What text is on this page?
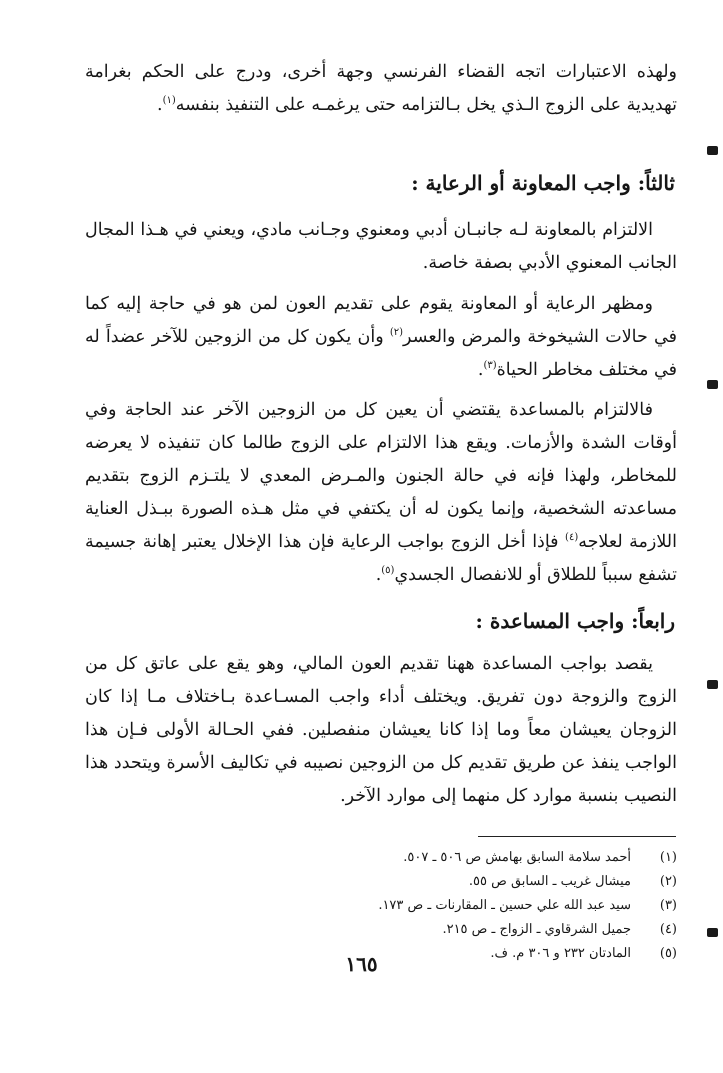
ولهذه الاعتبارات اتجه القضاء الفرنسي وجهة أخرى، ودرج على الحكم بغرامة تهديدية على الزوج الـذي يخل بـالتزامه حتى يرغمـه على التنفيذ بنفسه$^{(١)}$.

ثالثاً: واجب المعاونة أو الرعاية :

الالتزام بالمعاونة لـه جانبـان أدبي ومعنوي وجـانب مادي، ويعني في هـذا المجال الجانب المعنوي الأدبي بصفة خاصة.

ومظهر الرعاية أو المعاونة يقوم على تقديم العون لمن هو في حاجة إليه كما في حالات الشيخوخة والمرض والعسر$^{(٢)}$ وأن يكون كل من الزوجين للآخر عضداً له في مختلف مخاطر الحياة$^{(٣)}$.

فالالتزام بالمساعدة يقتضي أن يعين كل من الزوجين الآخر عند الحاجة وفي أوقات الشدة والأزمات. ويقع هذا الالتزام على الزوج طالما كان تنفيذه لا يعرضه للمخاطر، ولهذا فإنه في حالة الجنون والمـرض المعدي لا يلتـزم الزوج بتقديم مساعدته الشخصية، وإنما يكون له أن يكتفي في مثل هـذه الصورة ببـذل العناية اللازمة لعلاجه$^{(٤)}$ فإذا أخل الزوج بواجب الرعاية فإن هذا الإخلال يعتبر إهانة جسيمة تشفع سبباً للطلاق أو للانفصال الجسدي$^{(٥)}$.

رابعاً: واجب المساعدة :

يقصد بواجب المساعدة ههنا تقديم العون المالي، وهو يقع على عاتق كل من الزوج والزوجة دون تفريق. ويختلف أداء واجب المسـاعدة بـاختلاف مـا إذا كان الزوجان يعيشان معاً وما إذا كانا يعيشان منفصلين. ففي الحـالة الأولى فـإن هذا الواجب ينفذ عن طريق تقديم كل من الزوجين نصيبه في تكاليف الأسرة ويتحدد هذا النصيب بنسبة موارد كل منهما إلى موارد الآخر.

(١)
أحمد سلامة السابق بهامش ص ٥٠٦ ـ ٥٠٧.
(٢)
ميشال غريب ـ السابق ص ٥٥.
(٣)
سيد عبد الله علي حسين ـ المقارنات ـ ص ١٧٣.
(٤)
جميل الشرقاوي ـ الزواج ـ ص ٢١٥.
(٥)
المادتان ٢٣٢ و ٣٠٦ م. ف.
١٦٥
